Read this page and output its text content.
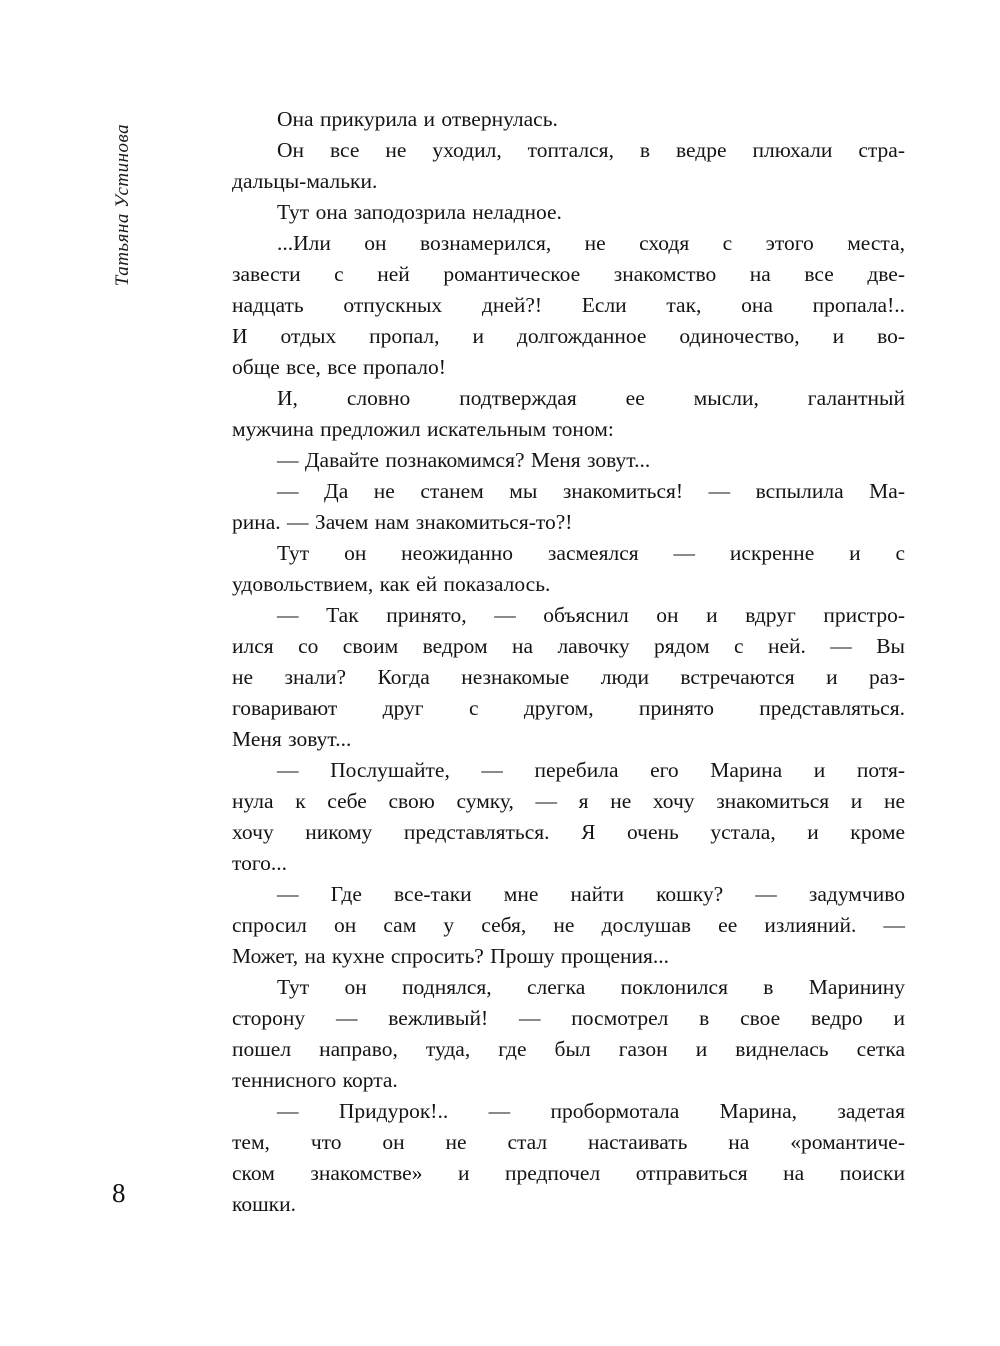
Татьяна Устинова
Она прикурила и отвернулась.
Он все не уходил, топтался, в ведре плюхали стра-
дальцы-мальки.
Тут она заподозрила неладное.
...Или он вознамерился, не сходя с этого места,
завести с ней романтическое знакомство на все две-
надцать отпускных дней?! Если так, она пропала!..
И отдых пропал, и долгожданное одиночество, и во-
обще все, все пропало!
И, словно подтверждая ее мысли, галантный
мужчина предложил искательным тоном:
— Давайте познакомимся? Меня зовут...
— Да не станем мы знакомиться! — вспылила Ма-
рина. — Зачем нам знакомиться-то?!
Тут он неожиданно засмеялся — искренне и с
удовольствием, как ей показалось.
— Так принято, — объяснил он и вдруг пристро-
ился со своим ведром на лавочку рядом с ней. — Вы
не знали? Когда незнакомые люди встречаются и раз-
говаривают друг с другом, принято представляться.
Меня зовут...
— Послушайте, — перебила его Марина и потя-
нула к себе свою сумку, — я не хочу знакомиться и не
хочу никому представляться. Я очень устала, и кроме
того...
— Где все-таки мне найти кошку? — задумчиво
спросил он сам у себя, не дослушав ее излияний. —
Может, на кухне спросить? Прошу прощения...
Тут он поднялся, слегка поклонился в Маринину
сторону — вежливый! — посмотрел в свое ведро и
пошел направо, туда, где был газон и виднелась сетка
теннисного корта.
— Придурок!.. — пробормотала Марина, задетая
тем, что он не стал настаивать на «романтиче-
ском знакомстве» и предпочел отправиться на поиски
кошки.
8
